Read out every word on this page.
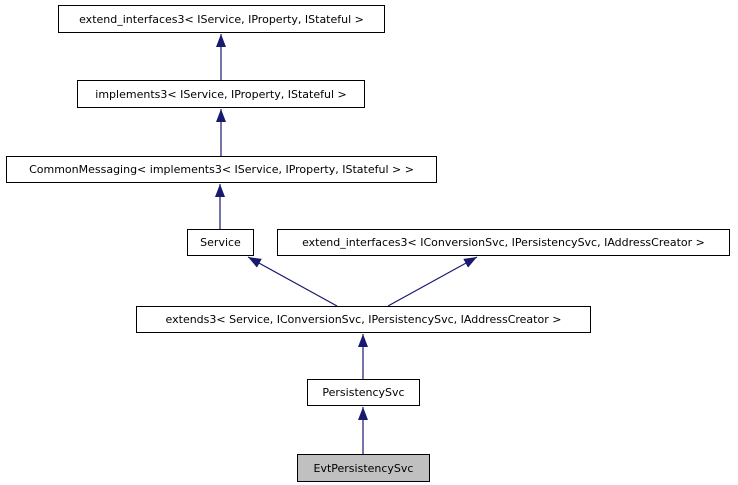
extend_interfaces3< IService, IProperty, IStateful >
implements3< IService, IProperty, IStateful >
CommonMessaging< implements3< IService, IProperty, IStateful > >
Service	extend_interfaces3< IConversionSvc, IPersistencySvc, IAddressCreator >
extends3< Service, IConversionSvc, IPersistencySvc, IAddressCreator >
PersistencySvc
EvtPersistencySvc
